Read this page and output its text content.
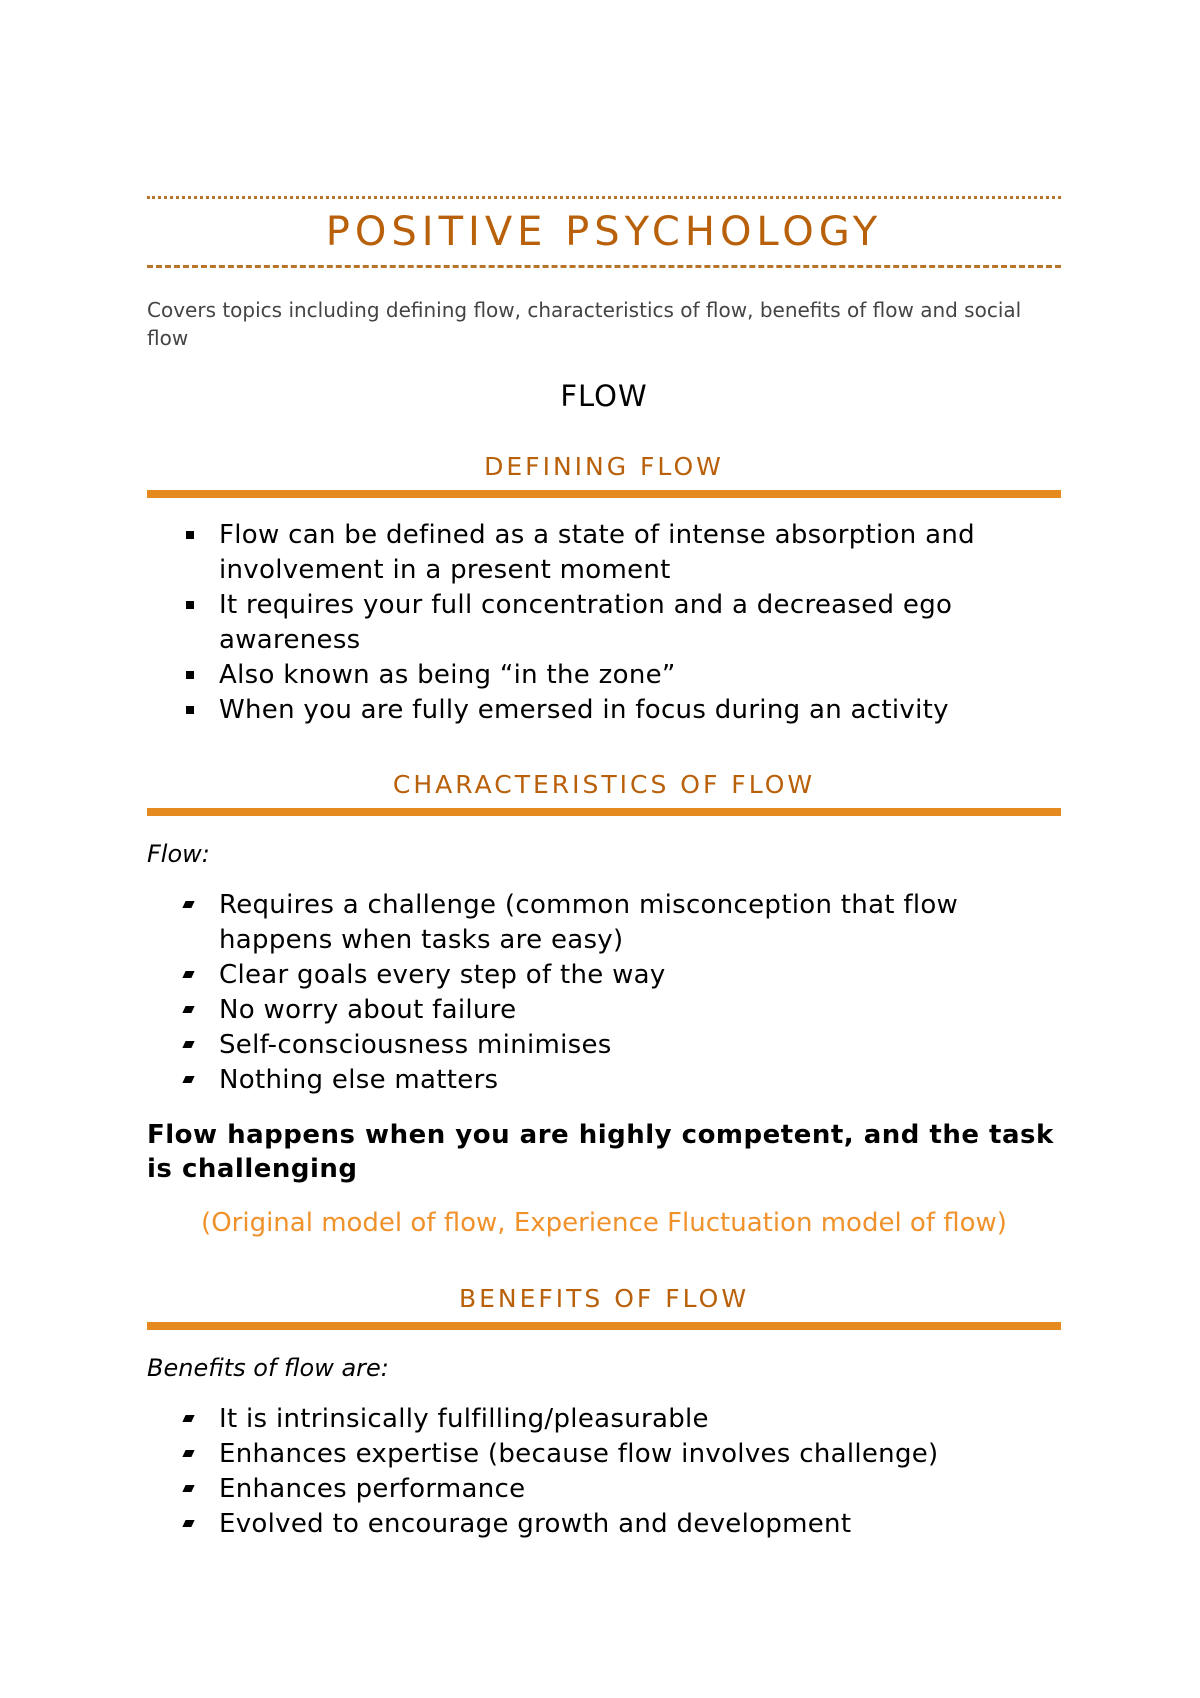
POSITIVE PSYCHOLOGY
Covers topics including defining flow, characteristics of flow, benefits of flow and social flow
FLOW
DEFINING FLOW
Flow can be defined as a state of intense absorption and involvement in a present moment
It requires your full concentration and a decreased ego awareness
Also known as being “in the zone”
When you are fully emersed in focus during an activity
CHARACTERISTICS OF FLOW
Flow:
Requires a challenge (common misconception that flow happens when tasks are easy)
Clear goals every step of the way
No worry about failure
Self-consciousness minimises
Nothing else matters
Flow happens when you are highly competent, and the task is challenging
(Original model of flow, Experience Fluctuation model of flow)
BENEFITS OF FLOW
Benefits of flow are:
It is intrinsically fulfilling/pleasurable
Enhances expertise (because flow involves challenge)
Enhances performance
Evolved to encourage growth and development
